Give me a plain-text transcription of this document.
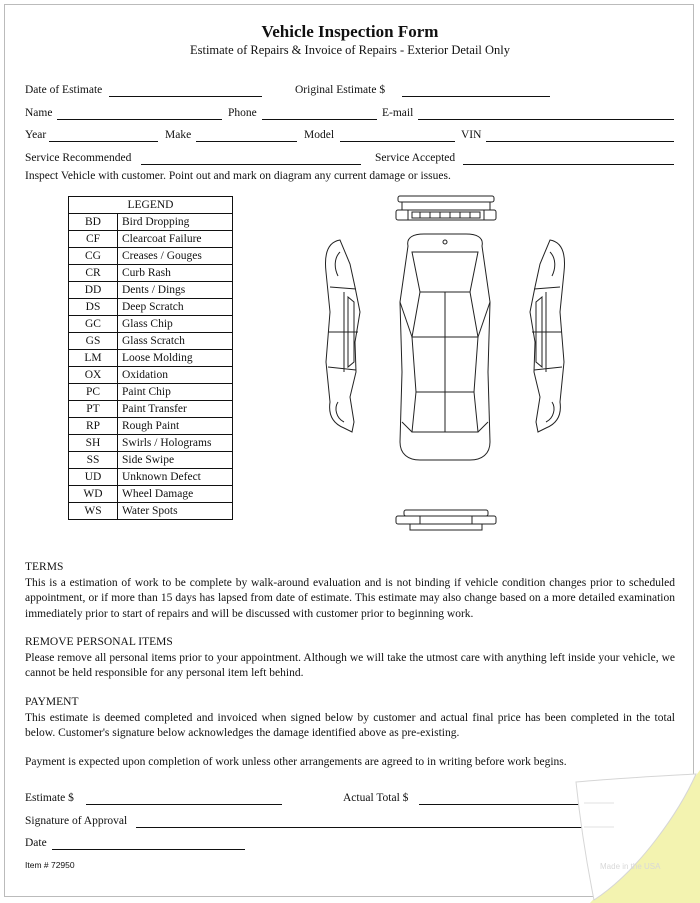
Vehicle Inspection Form
Estimate of Repairs & Invoice of Repairs - Exterior Detail Only
Date of Estimate	Original Estimate $
Name	Phone	E-mail
Year	Make	Model	VIN
Service Recommended	Service Accepted
Inspect Vehicle with customer. Point out and mark on diagram any current damage or issues.
LEGEND	
BD	Bird Dropping
CF	Clearcoat Failure
CG	Creases / Gouges
CR	Curb Rash
DD	Dents / Dings
DS	Deep Scratch
GC	Glass Chip
GS	Glass Scratch
LM	Loose Molding
OX	Oxidation
PC	Paint Chip
PT	Paint Transfer
RP	Rough Paint
SH	Swirls / Holograms
SS	Side Swipe
UD	Unknown Defect
WD	Wheel Damage
WS	Water Spots
TERMS
This is a estimation of work to be complete by walk-around evaluation and is not binding if vehicle condition changes prior to scheduled appointment, or if more than 15 days has lapsed from date of estimate. This estimate may also change based on a more detailed examination immediately prior to start of repairs and will be discussed with customer prior to beginning work.
REMOVE PERSONAL ITEMS
Please remove all personal items prior to your appointment. Although we will take the utmost care with anything left inside your vehicle, we cannot be held responsible for any personal item left behind.
PAYMENT
This estimate is deemed completed and invoiced when signed below by customer and actual final price has been completed in the total below. Customer's signature below acknowledges the damage identified above as pre-existing.
Payment is expected upon completion of work unless other arrangements are agreed to in writing before work begins.
Estimate $	Actual Total $
Signature of Approval
Date
Item # 72950	Made in the USA
